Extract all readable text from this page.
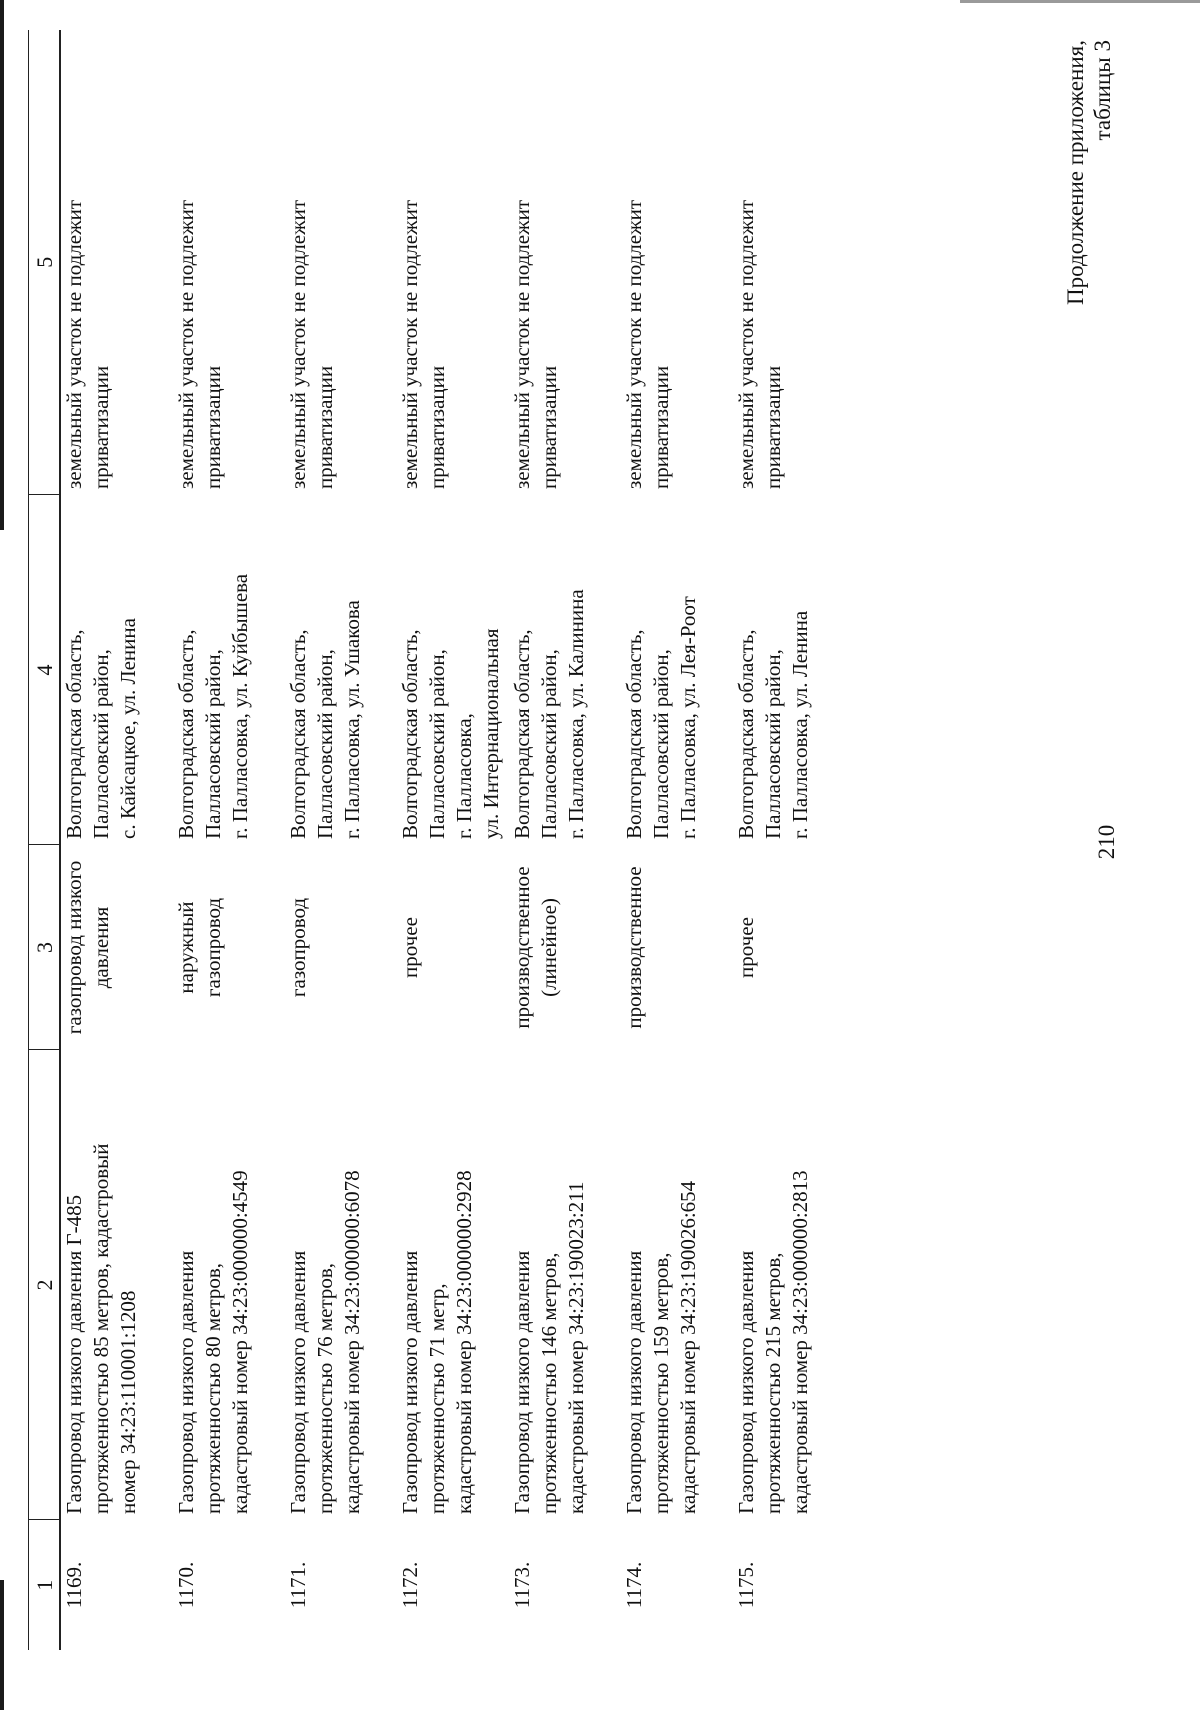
210
Продолжение приложения, таблицы 3
1	2	3	4	5
1169.	Газопровод низкого давления Г-485 протяженностью 85 метров, кадастровый номер 34:23:110001:1208	газопровод низкого давления	Волгоградская область, Палласовский район, с. Кайсацкое, ул. Ленина	земельный участок не подлежит приватизации

1170.	Газопровод низкого давления протяженностью 80 метров, кадастровый номер 34:23:000000:4549	наружный газопровод	Волгоградская область, Палласовский район, г. Палласовка, ул. Куйбышева	земельный участок не подлежит приватизации

1171.	Газопровод низкого давления протяженностью 76 метров, кадастровый номер 34:23:000000:6078	газопровод	Волгоградская область, Палласовский район, г. Палласовка, ул. Ушакова	земельный участок не подлежит приватизации

1172.	Газопровод низкого давления протяженностью 71 метр, кадастровый номер 34:23:000000:2928	прочее	Волгоградская область, Палласовский район, г. Палласовка, ул. Интернациональная	земельный участок не подлежит приватизации

1173.	Газопровод низкого давления протяженностью 146 метров, кадастровый номер 34:23:190023:211	производственное (линейное)	Волгоградская область, Палласовский район, г. Палласовка, ул. Калинина	земельный участок не подлежит приватизации

1174.	Газопровод низкого давления протяженностью 159 метров, кадастровый номер 34:23:190026:654	производственное	Волгоградская область, Палласовский район, г. Палласовка, ул. Лея-Роот	земельный участок не подлежит приватизации

1175.	Газопровод низкого давления протяженностью 215 метров, кадастровый номер 34:23:000000:2813	прочее	Волгоградская область, Палласовский район, г. Палласовка, ул. Ленина	земельный участок не подлежит приватизации
